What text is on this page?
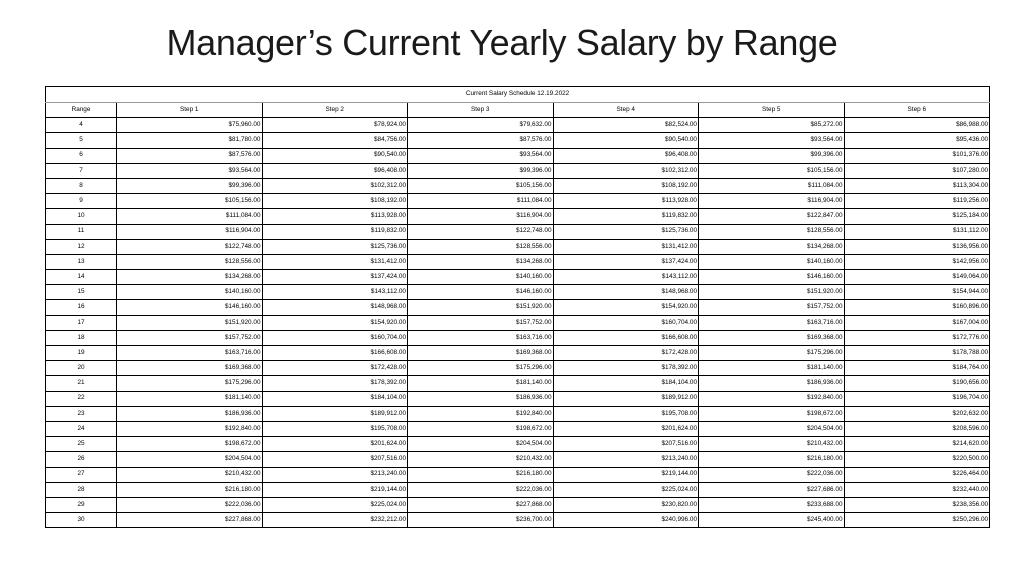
Manager’s Current Yearly Salary by Range
Current Salary Schedule 12.19.2022						
Range	Step 1	Step 2	Step 3	Step 4	Step 5	Step 6
4	$75,960.00	$78,924.00	$79,632.00	$82,524.00	$85,272.00	$86,988.00
5	$81,780.00	$84,756.00	$87,576.00	$90,540.00	$93,564.00	$95,436.00
6	$87,576.00	$90,540.00	$93,564.00	$96,408.00	$99,396.00	$101,376.00
7	$93,564.00	$96,408.00	$99,396.00	$102,312.00	$105,156.00	$107,280.00
8	$99,396.00	$102,312.00	$105,156.00	$108,192.00	$111,084.00	$113,304.00
9	$105,156.00	$108,192.00	$111,084.00	$113,928.00	$116,904.00	$119,256.00
10	$111,084.00	$113,928.00	$116,904.00	$119,832.00	$122,847.00	$125,184.00
11	$116,904.00	$119,832.00	$122,748.00	$125,736.00	$128,556.00	$131,112.00
12	$122,748.00	$125,736.00	$128,556.00	$131,412.00	$134,268.00	$136,956.00
13	$128,556.00	$131,412.00	$134,268.00	$137,424.00	$140,160.00	$142,956.00
14	$134,268.00	$137,424.00	$140,160.00	$143,112.00	$146,160.00	$149,064.00
15	$140,160.00	$143,112.00	$146,160.00	$148,968.00	$151,920.00	$154,944.00
16	$146,160.00	$148,968.00	$151,920.00	$154,920.00	$157,752.00	$160,896.00
17	$151,920.00	$154,920.00	$157,752.00	$160,704.00	$163,716.00	$167,004.00
18	$157,752.00	$160,704.00	$163,716.00	$166,608.00	$169,368.00	$172,776.00
19	$163,716.00	$166,608.00	$169,368.00	$172,428.00	$175,296.00	$178,788.00
20	$169,368.00	$172,428.00	$175,296.00	$178,392.00	$181,140.00	$184,764.00
21	$175,296.00	$178,392.00	$181,140.00	$184,104.00	$186,936.00	$190,656.00
22	$181,140.00	$184,104.00	$186,936.00	$189,912.00	$192,840.00	$196,704.00
23	$186,936.00	$189,912.00	$192,840.00	$195,708.00	$198,672.00	$202,632.00
24	$192,840.00	$195,708.00	$198,672.00	$201,624.00	$204,504.00	$208,596.00
25	$198,672.00	$201,624.00	$204,504.00	$207,516.00	$210,432.00	$214,620.00
26	$204,504.00	$207,516.00	$210,432.00	$213,240.00	$216,180.00	$220,500.00
27	$210,432.00	$213,240.00	$216,180.00	$219,144.00	$222,036.00	$226,464.00
28	$216,180.00	$219,144.00	$222,036.00	$225,024.00	$227,686.00	$232,440.00
29	$222,036.00	$225,024.00	$227,868.00	$230,820.00	$233,688.00	$238,356.00
30	$227,868.00	$232,212.00	$236,700.00	$240,996.00	$245,400.00	$250,296.00
